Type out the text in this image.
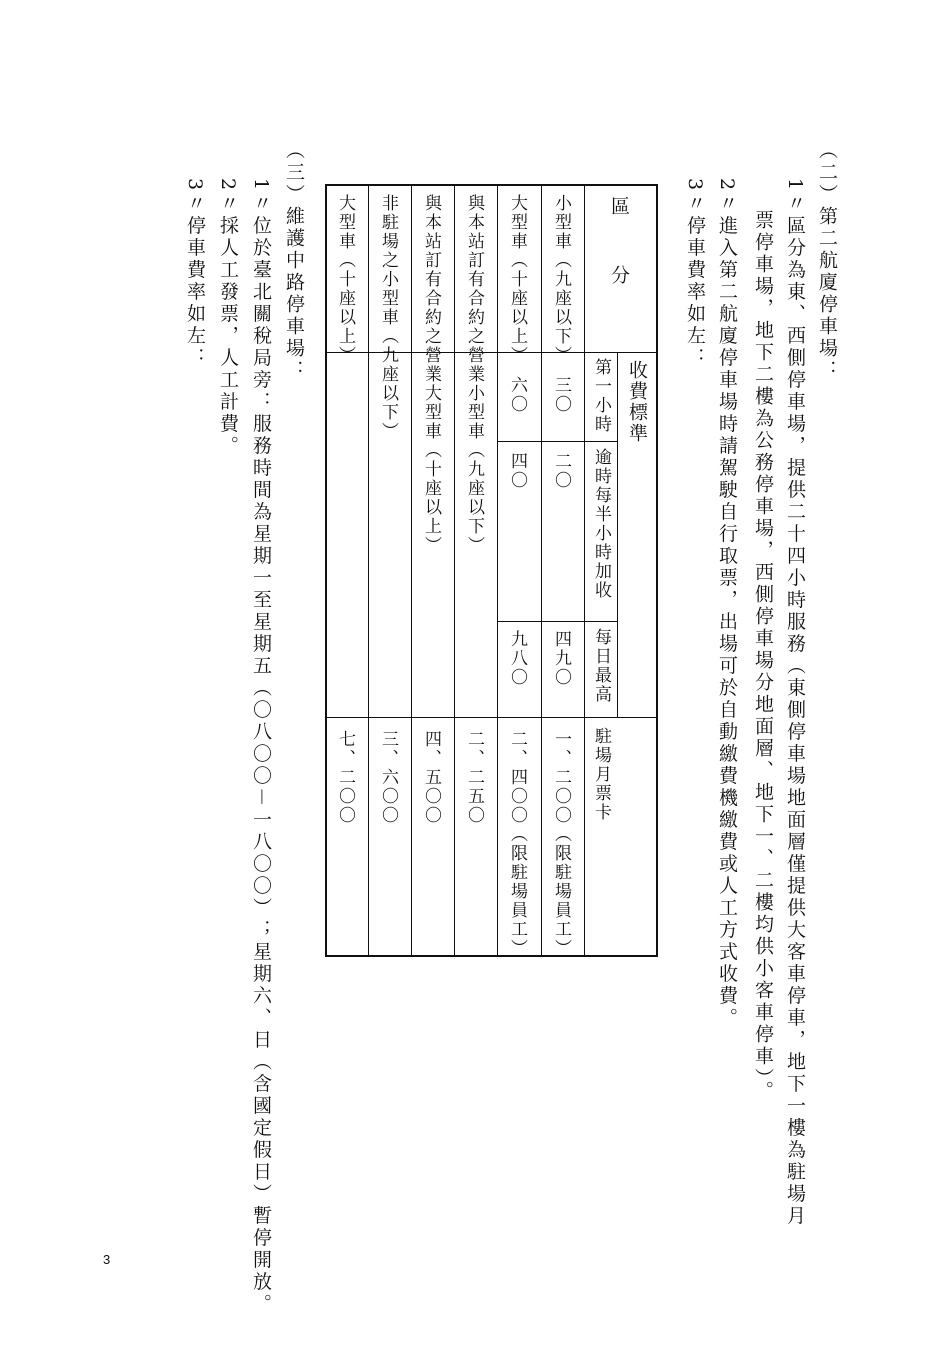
（二）第二航廈停車場：
1〃區分為東、西側停車場，提供二十四小時服務（東側停車場地面層僅提供大客車停車，地下一樓為駐場月
票停車場，地下二樓為公務停車場，西側停車場分地面層、地下一、二樓均供小客車停車）。
2〃進入第二航廈停車場時請駕駛自行取票，出場可於自動繳費機繳費或人工方式收費。
3〃停車費率如左：
區　　分
收費標準
第一小時
逾時每半小時加收
每日最高
駐場月票卡
小型車（九座以下）
三〇
二〇
四九〇
一、二〇〇（限駐場員工）
大型車（十座以上）
六〇
四〇
九八〇
二、四〇〇（限駐場員工）
與本站訂有合約之營業小型車（九座以下）
二、二五〇
與本站訂有合約之營業大型車（十座以上）
四、五〇〇
非駐場之小型車（九座以下）
三、六〇〇
大型車（十座以上）
七、二〇〇
（三）維護中路停車場：
1〃位於臺北關稅局旁：服務時間為星期一至星期五（〇八〇〇－一八〇〇）；星期六、日（含國定假日）暫停開放。
2〃採人工發票，人工計費。
3〃停車費率如左：
3
